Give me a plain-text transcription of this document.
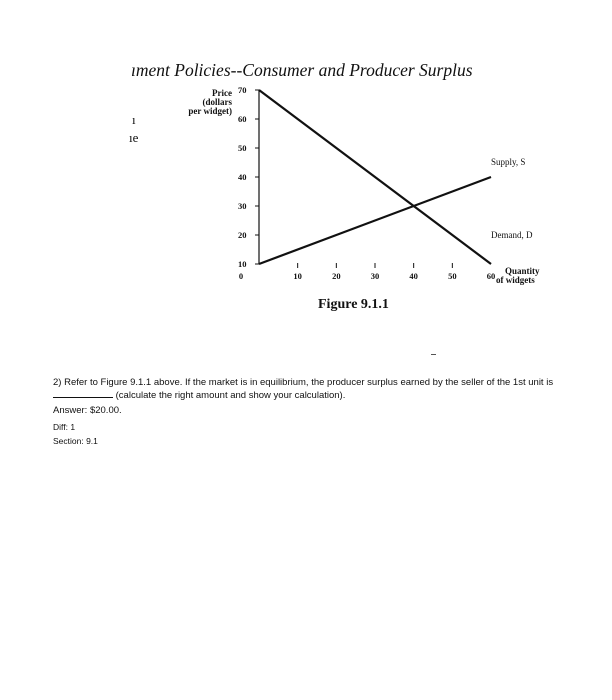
ıment Policies--Consumer and Producer Surplus
ı
ıe
Price
(dollars
per widget)
10
20
30
40
50
60
70
0	10	20	30	40	50	60
Supply, S
Demand, D
Quantity
of widgets
Figure 9.1.1
2) Refer to Figure 9.1.1 above. If the market is in equilibrium, the producer surplus earned by the seller of the 1st unit is (calculate the right amount and show your calculation).
Answer: $20.00.
Diff: 1
Section: 9.1
